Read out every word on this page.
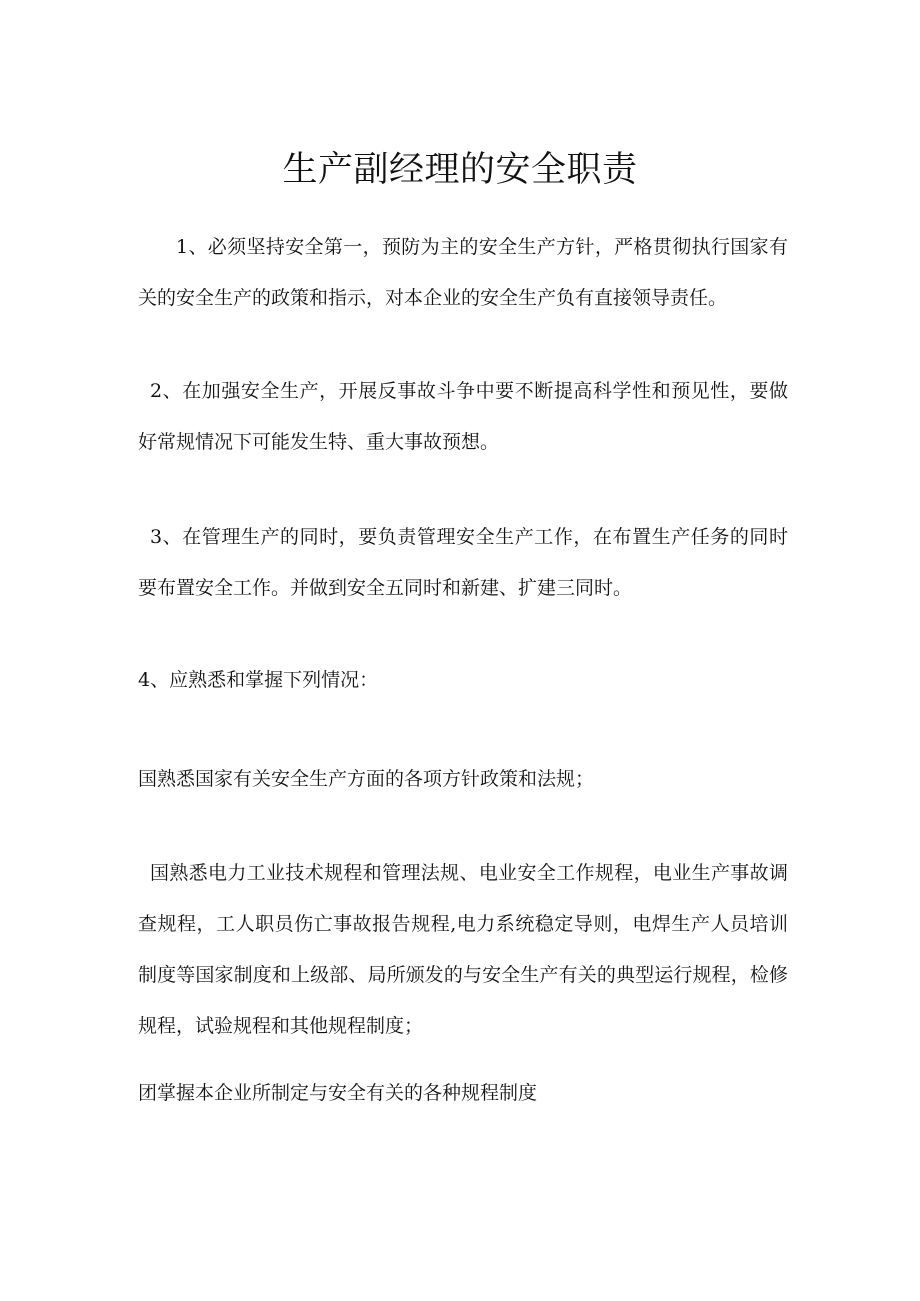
生产副经理的安全职责

1、必须坚持安全第一，预防为主的安全生产方针，严格贯彻执行国家有关的安全生产的政策和指示，对本企业的安全生产负有直接领导责任。

2、在加强安全生产，开展反事故斗争中要不断提高科学性和预见性，要做好常规情况下可能发生特、重大事故预想。

3、在管理生产的同时，要负责管理安全生产工作，在布置生产任务的同时要布置安全工作。并做到安全五同时和新建、扩建三同时。

4、应熟悉和掌握下列情况：

国熟悉国家有关安全生产方面的各项方针政策和法规；

国熟悉电力工业技术规程和管理法规、电业安全工作规程，电业生产事故调查规程，工人职员伤亡事故报告规程,电力系统稳定导则，电焊生产人员培训制度等国家制度和上级部、局所颁发的与安全生产有关的典型运行规程，检修规程，试验规程和其他规程制度；

团掌握本企业所制定与安全有关的各种规程制度
